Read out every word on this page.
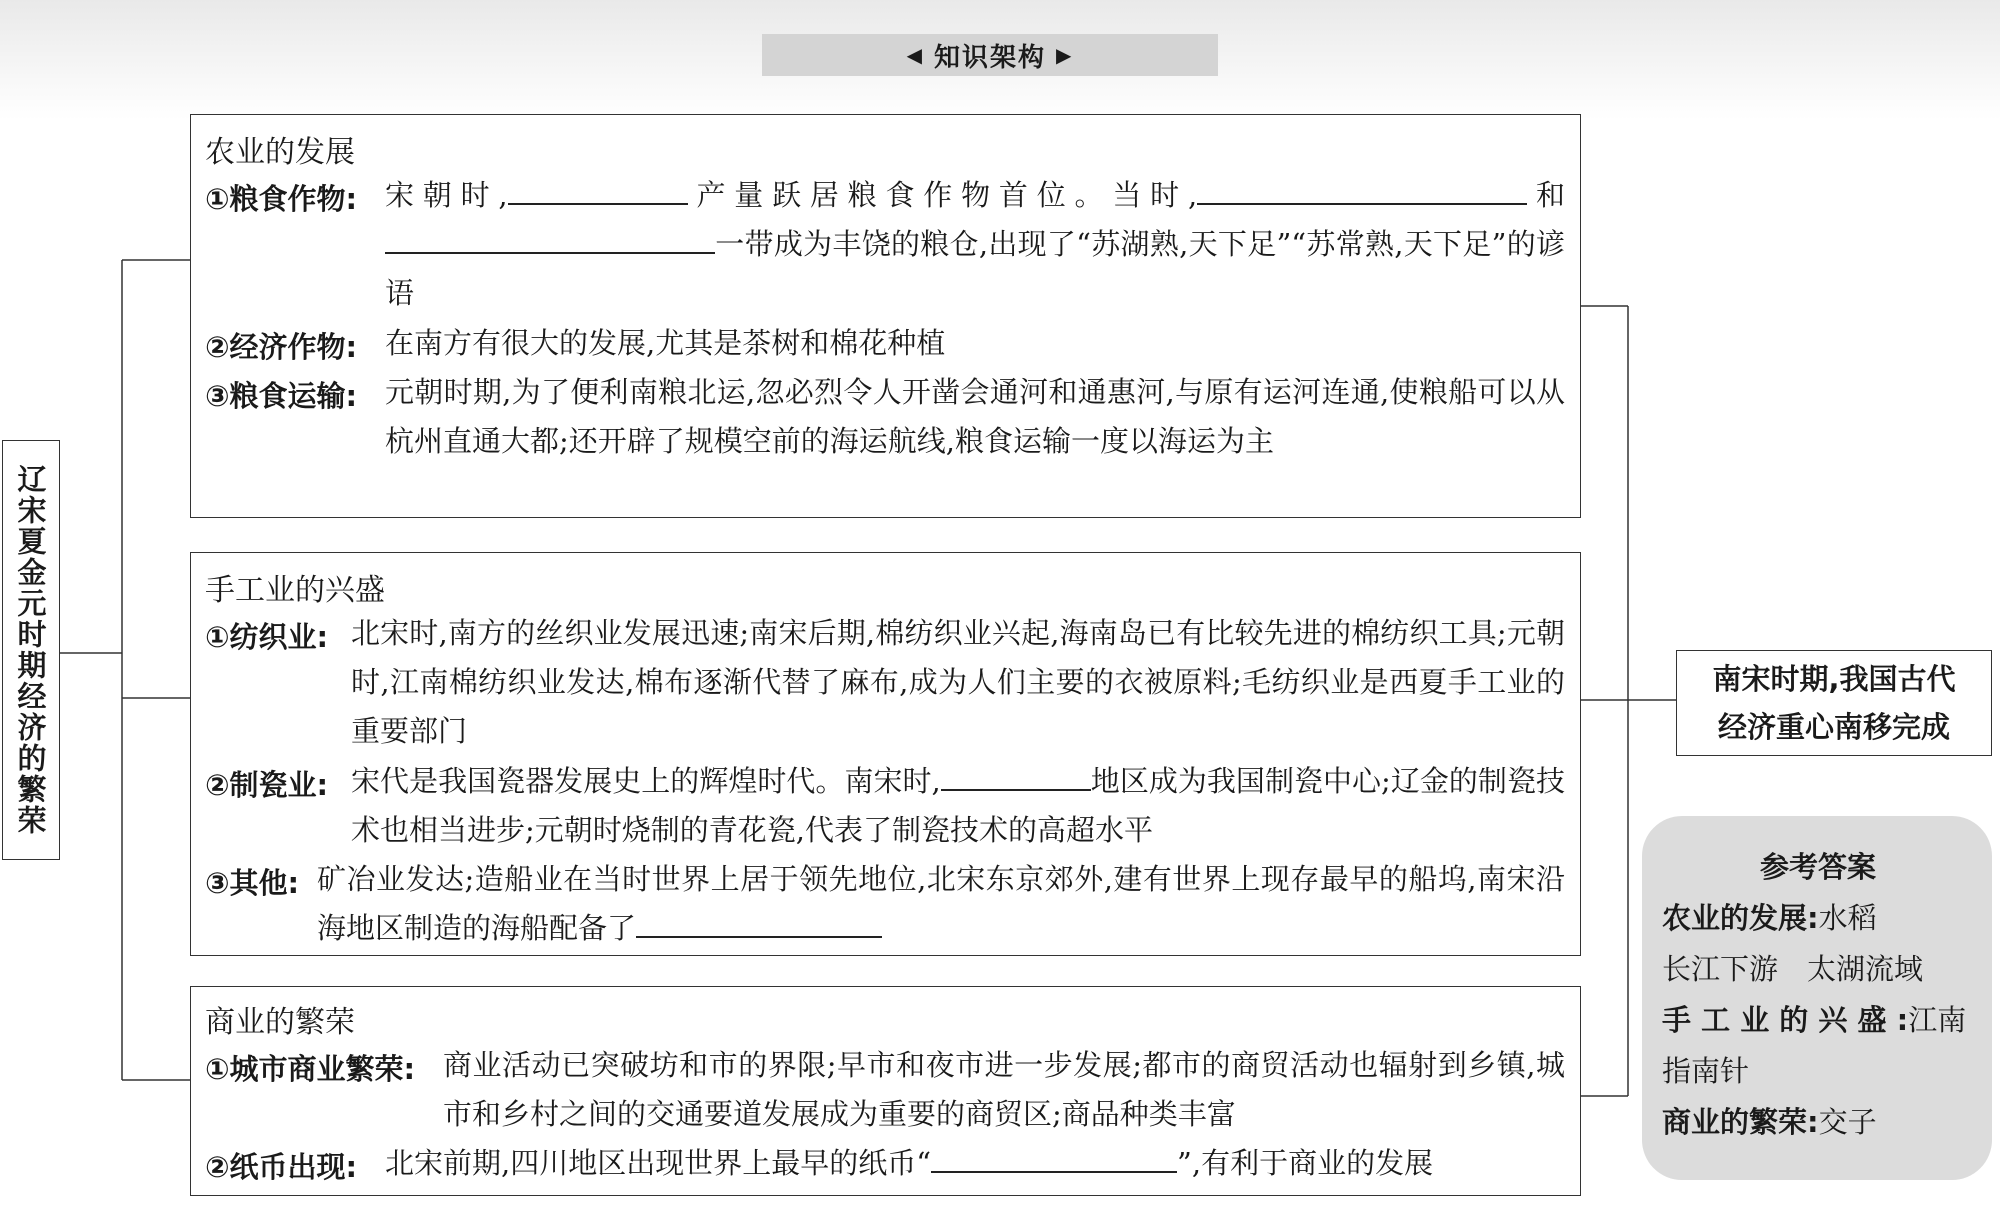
◀ 知识架构 ▶
辽宋夏金元时期经济的繁荣
农业的发展
①粮食作物: 宋朝时,	产量跃居粮食作物首位。当时,	和一带成为丰饶的粮仓,出现了“苏湖熟,天下足”“苏常熟,天下足”的谚语
②经济作物: 在南方有很大的发展,尤其是茶树和棉花种植
③粮食运输: 元朝时期,为了便利南粮北运,忽必烈令人开凿会通河和通惠河,与原有运河连通,使粮船可以从杭州直通大都;还开辟了规模空前的海运航线,粮食运输一度以海运为主
手工业的兴盛
①纺织业: 北宋时,南方的丝织业发展迅速;南宋后期,棉纺织业兴起,海南岛已有比较先进的棉纺织工具;元朝时,江南棉纺织业发达,棉布逐渐代替了麻布,成为人们主要的衣被原料;毛纺织业是西夏手工业的重要部门
②制瓷业: 宋代是我国瓷器发展史上的辉煌时代。南宋时,	地区成为我国制瓷中心;辽金的制瓷技术也相当进步;元朝时烧制的青花瓷,代表了制瓷技术的高超水平
③其他: 矿冶业发达;造船业在当时世界上居于领先地位,北宋东京郊外,建有世界上现存最早的船坞,南宋沿海地区制造的海船配备了
商业的繁荣
①城市商业繁荣: 商业活动已突破坊和市的界限;早市和夜市进一步发展;都市的商贸活动也辐射到乡镇,城市和乡村之间的交通要道发展成为重要的商贸区;商品种类丰富
②纸币出现: 北宋前期,四川地区出现世界上最早的纸币“	”,有利于商业的发展
南宋时期,我国古代
经济重心南移完成
参考答案
农业的发展:水稻
长江下游　太湖流域
手 工 业 的 兴 盛 :江南
指南针
商业的繁荣:交子
